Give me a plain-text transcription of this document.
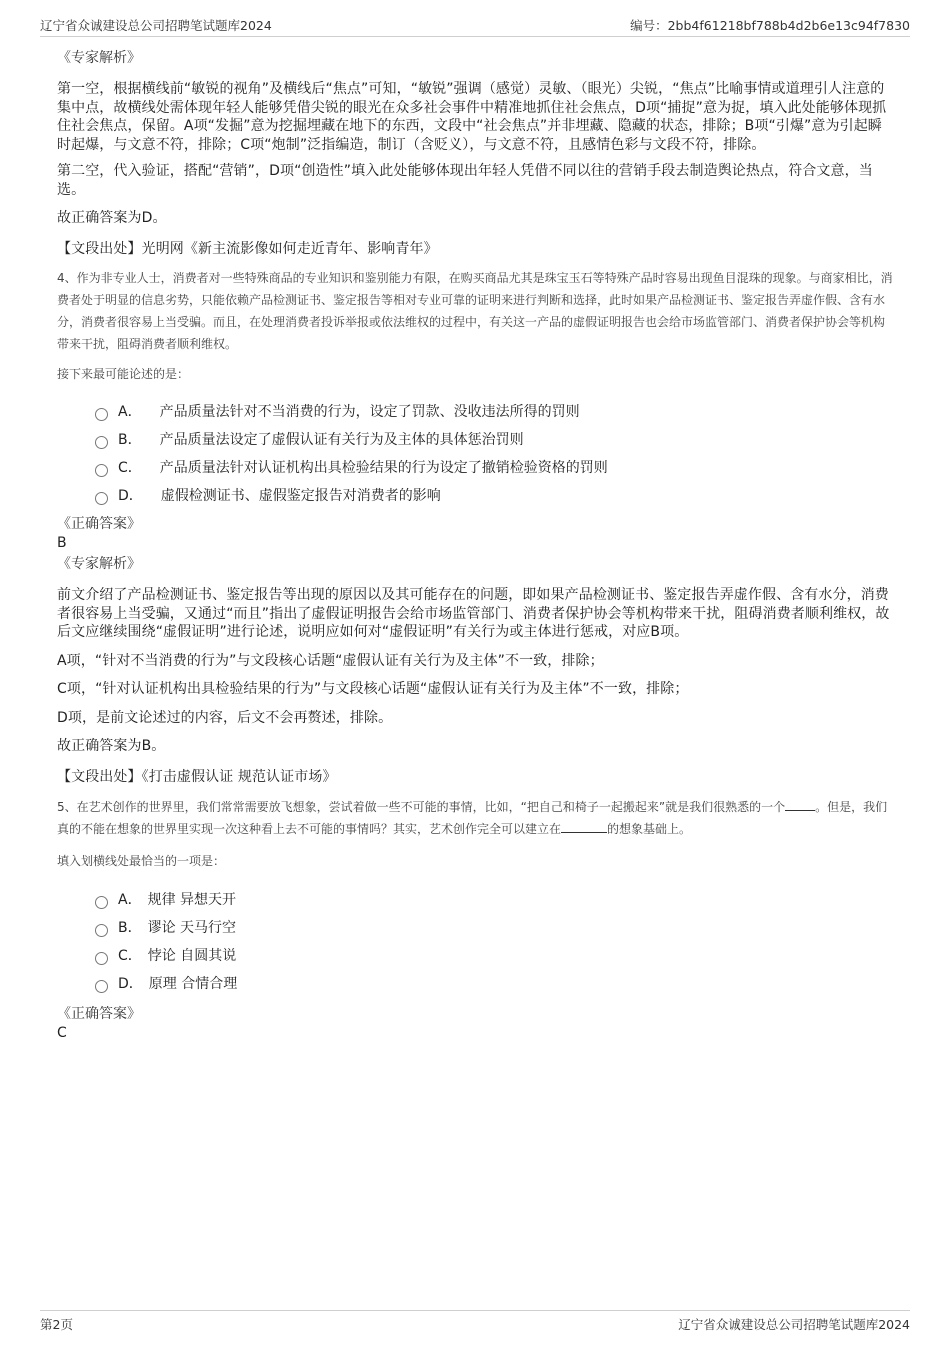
辽宁省众诚建设总公司招聘笔试题库2024	编号：2bb4f61218bf788b4d2b6e13c94f7830

《专家解析》

第一空，根据横线前“敏锐的视角”及横线后“焦点”可知，“敏锐”强调（感觉）灵敏、（眼光）尖锐，“焦点”比喻事情或道理引人注意的集中点，故横线处需体现年轻人能够凭借尖锐的眼光在众多社会事件中精准地抓住社会焦点，D项“捕捉”意为捉，填入此处能够体现抓住社会焦点，保留。A项“发掘”意为挖掘埋藏在地下的东西，文段中“社会焦点”并非埋藏、隐藏的状态，排除；B项“引爆”意为引起瞬时起爆，与文意不符，排除；C项“炮制”泛指编造，制订（含贬义），与文意不符，且感情色彩与文段不符，排除。

第二空，代入验证，搭配“营销”，D项“创造性”填入此处能够体现出年轻人凭借不同以往的营销手段去制造舆论热点，符合文意，当选。

故正确答案为D。

【文段出处】光明网《新主流影像如何走近青年、影响青年》

4、作为非专业人士，消费者对一些特殊商品的专业知识和鉴别能力有限，在购买商品尤其是珠宝玉石等特殊产品时容易出现鱼目混珠的现象。与商家相比，消费者处于明显的信息劣势，只能依赖产品检测证书、鉴定报告等相对专业可靠的证明来进行判断和选择，此时如果产品检测证书、鉴定报告弄虚作假、含有水分，消费者很容易上当受骗。而且，在处理消费者投诉举报或依法维权的过程中，有关这一产品的虚假证明报告也会给市场监管部门、消费者保护协会等机构带来干扰，阻碍消费者顺利维权。

接下来最可能论述的是：

A． 产品质量法针对不当消费的行为，设定了罚款、没收违法所得的罚则
B． 产品质量法设定了虚假认证有关行为及主体的具体惩治罚则
C． 产品质量法针对认证机构出具检验结果的行为设定了撤销检验资格的罚则
D． 虚假检测证书、虚假鉴定报告对消费者的影响

《正确答案》

B

《专家解析》

前文介绍了产品检测证书、鉴定报告等出现的原因以及其可能存在的问题，即如果产品检测证书、鉴定报告弄虚作假、含有水分，消费者很容易上当受骗，又通过“而且”指出了虚假证明报告会给市场监管部门、消费者保护协会等机构带来干扰，阻碍消费者顺利维权，故后文应继续围绕“虚假证明”进行论述，说明应如何对“虚假证明”有关行为或主体进行惩戒，对应B项。

A项，“针对不当消费的行为”与文段核心话题“虚假认证有关行为及主体”不一致，排除；

C项，“针对认证机构出具检验结果的行为”与文段核心话题“虚假认证有关行为及主体”不一致，排除；

D项，是前文论述过的内容，后文不会再赘述，排除。

故正确答案为B。

【文段出处】《打击虚假认证 规范认证市场》

5、在艺术创作的世界里，我们常常需要放飞想象，尝试着做一些不可能的事情，比如，“把自己和椅子一起搬起来”就是我们很熟悉的一个	。但是，我们真的不能在想象的世界里实现一次这种看上去不可能的事情吗？其实，艺术创作完全可以建立在	的想象基础上。

填入划横线处最恰当的一项是：

A． 规律 异想天开
B． 谬论 天马行空
C． 悖论 自圆其说
D． 原理 合情合理

《正确答案》

C

第2页	辽宁省众诚建设总公司招聘笔试题库2024
